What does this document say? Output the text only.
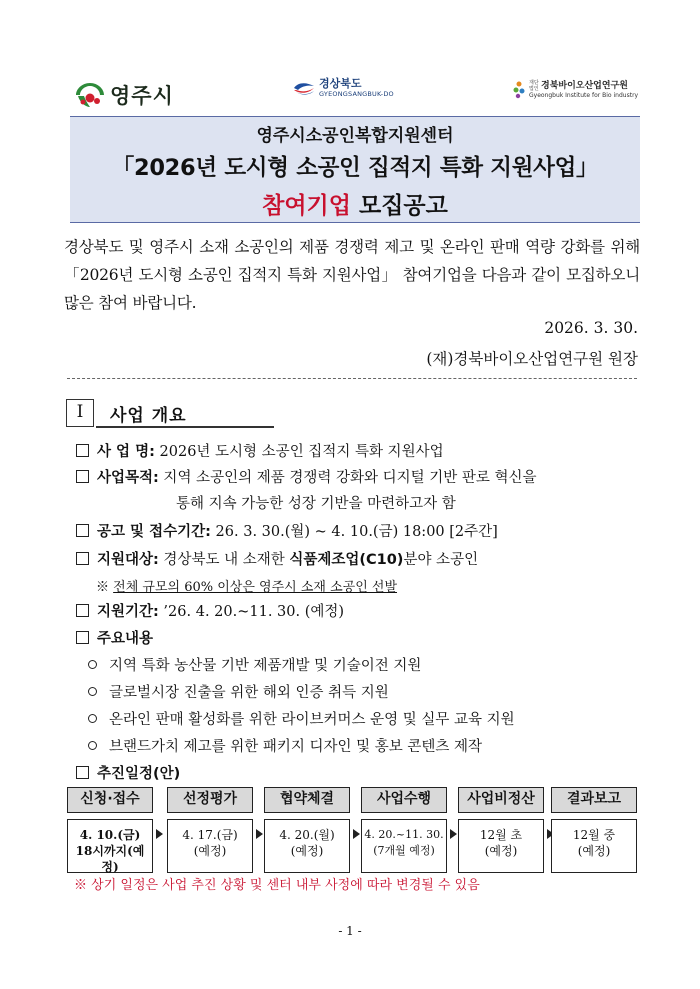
영주시
경상북도
GYEONGSANGBUK-DO
재단 법인 경북바이오산업연구원
Gyeongbuk Institute for Bio industry
영주시소공인복합지원센터
「2026년 도시형 소공인 집적지 특화 지원사업」
참여기업 모집공고

경상북도 및 영주시 소재 소공인의 제품 경쟁력 제고 및 온라인 판매 역량 강화를 위해 「2026년 도시형 소공인 집적지 특화 지원사업」 참여기업을 다음과 같이 모집하오니 많은 참여 바랍니다.

2026. 3. 30.
(재)경북바이오산업연구원 원장
Ⅰ	사업 개요
사 업 명: 2026년 도시형 소공인 집적지 특화 지원사업
사업목적: 지역 소공인의 제품 경쟁력 강화와 디지털 기반 판로 혁신을
통해 지속 가능한 성장 기반을 마련하고자 함
공고 및 접수기간: 26. 3. 30.(월) ~ 4. 10.(금) 18:00 [2주간]
지원대상: 경상북도 내 소재한 식품제조업(C10)분야 소공인
※ 전체 규모의 60% 이상은 영주시 소재 소공인 선발
지원기간: ’26. 4. 20.~11. 30. (예정)
주요내용
지역 특화 농산물 기반 제품개발 및 기술이전 지원
글로벌시장 진출을 위한 해외 인증 취득 지원
온라인 판매 활성화를 위한 라이브커머스 운영 및 실무 교육 지원
브랜드가치 제고를 위한 패키지 디자인 및 홍보 콘텐츠 제작
추진일정(안)
신청·접수
4. 10.(금)
18시까지(예정)
선정평가
4. 17.(금)
(예정)
협약체결
4. 20.(월)
(예정)
사업수행
4. 20.~11. 30.
(7개월 예정)
사업비정산
12월 초
(예정)
결과보고
12월 중
(예정)
※ 상기 일정은 사업 추진 상황 및 센터 내부 사정에 따라 변경될 수 있음
- 1 -
